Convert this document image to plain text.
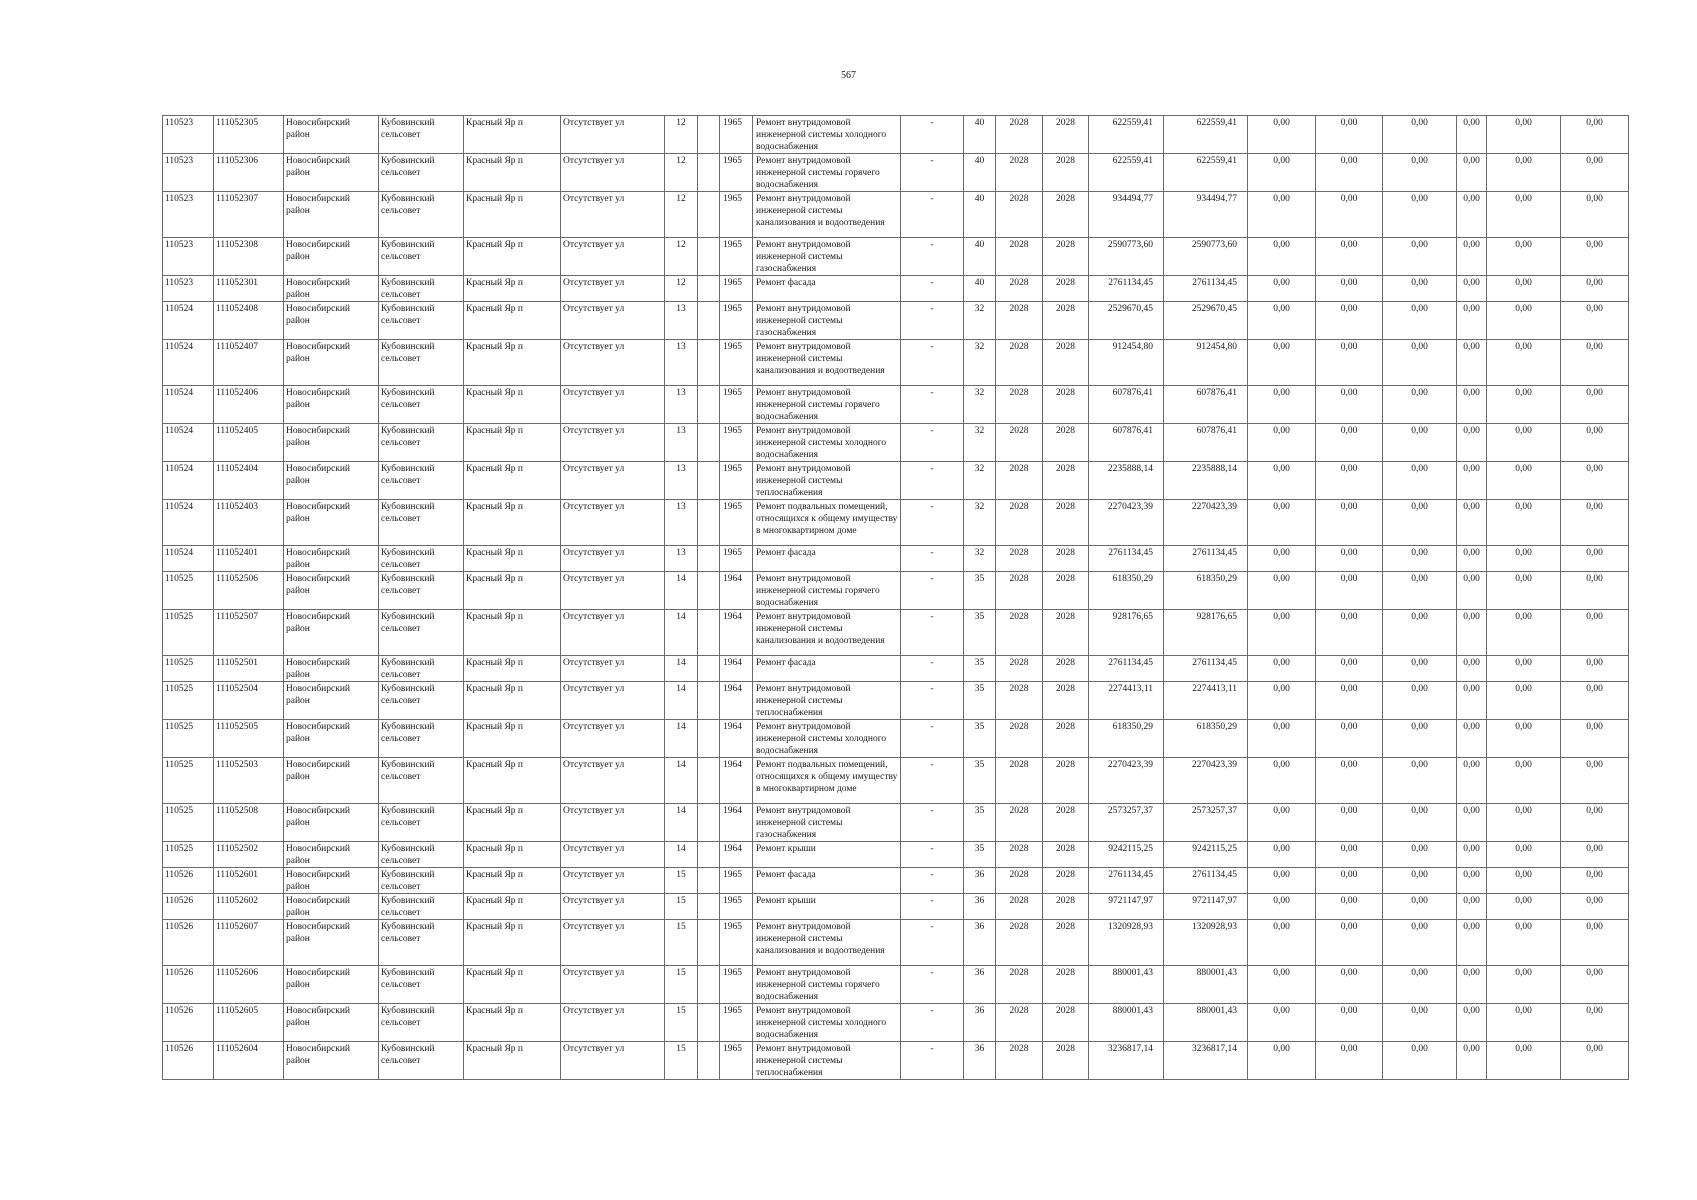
567
110523	111052305	Новосибирский район	Кубовинский сельсовет	Красный Яр п	Отсутствует ул	12		1965	Ремонт внутридомовой инженерной системы холодного водоснабжения	-	40	2028	2028	622559,41	622559,41	0,00	0,00	0,00	0,00	0,00	0,00
110523	111052306	Новосибирский район	Кубовинский сельсовет	Красный Яр п	Отсутствует ул	12		1965	Ремонт внутридомовой инженерной системы горячего водоснабжения	-	40	2028	2028	622559,41	622559,41	0,00	0,00	0,00	0,00	0,00	0,00
110523	111052307	Новосибирский район	Кубовинский сельсовет	Красный Яр п	Отсутствует ул	12		1965	Ремонт внутридомовой инженерной системы канализования и водоотведения	-	40	2028	2028	934494,77	934494,77	0,00	0,00	0,00	0,00	0,00	0,00
110523	111052308	Новосибирский район	Кубовинский сельсовет	Красный Яр п	Отсутствует ул	12		1965	Ремонт внутридомовой инженерной системы газоснабжения	-	40	2028	2028	2590773,60	2590773,60	0,00	0,00	0,00	0,00	0,00	0,00
110523	111052301	Новосибирский район	Кубовинский сельсовет	Красный Яр п	Отсутствует ул	12		1965	Ремонт фасада	-	40	2028	2028	2761134,45	2761134,45	0,00	0,00	0,00	0,00	0,00	0,00
110524	111052408	Новосибирский район	Кубовинский сельсовет	Красный Яр п	Отсутствует ул	13		1965	Ремонт внутридомовой инженерной системы газоснабжения	-	32	2028	2028	2529670,45	2529670,45	0,00	0,00	0,00	0,00	0,00	0,00
110524	111052407	Новосибирский район	Кубовинский сельсовет	Красный Яр п	Отсутствует ул	13		1965	Ремонт внутридомовой инженерной системы канализования и водоотведения	-	32	2028	2028	912454,80	912454,80	0,00	0,00	0,00	0,00	0,00	0,00
110524	111052406	Новосибирский район	Кубовинский сельсовет	Красный Яр п	Отсутствует ул	13		1965	Ремонт внутридомовой инженерной системы горячего водоснабжения	-	32	2028	2028	607876,41	607876,41	0,00	0,00	0,00	0,00	0,00	0,00
110524	111052405	Новосибирский район	Кубовинский сельсовет	Красный Яр п	Отсутствует ул	13		1965	Ремонт внутридомовой инженерной системы холодного водоснабжения	-	32	2028	2028	607876,41	607876,41	0,00	0,00	0,00	0,00	0,00	0,00
110524	111052404	Новосибирский район	Кубовинский сельсовет	Красный Яр п	Отсутствует ул	13		1965	Ремонт внутридомовой инженерной системы теплоснабжения	-	32	2028	2028	2235888,14	2235888,14	0,00	0,00	0,00	0,00	0,00	0,00
110524	111052403	Новосибирский район	Кубовинский сельсовет	Красный Яр п	Отсутствует ул	13		1965	Ремонт подвальных помещений, относящихся к общему имуществу в многоквартирном доме	-	32	2028	2028	2270423,39	2270423,39	0,00	0,00	0,00	0,00	0,00	0,00
110524	111052401	Новосибирский район	Кубовинский сельсовет	Красный Яр п	Отсутствует ул	13		1965	Ремонт фасада	-	32	2028	2028	2761134,45	2761134,45	0,00	0,00	0,00	0,00	0,00	0,00
110525	111052506	Новосибирский район	Кубовинский сельсовет	Красный Яр п	Отсутствует ул	14		1964	Ремонт внутридомовой инженерной системы горячего водоснабжения	-	35	2028	2028	618350,29	618350,29	0,00	0,00	0,00	0,00	0,00	0,00
110525	111052507	Новосибирский район	Кубовинский сельсовет	Красный Яр п	Отсутствует ул	14		1964	Ремонт внутридомовой инженерной системы канализования и водоотведения	-	35	2028	2028	928176,65	928176,65	0,00	0,00	0,00	0,00	0,00	0,00
110525	111052501	Новосибирский район	Кубовинский сельсовет	Красный Яр п	Отсутствует ул	14		1964	Ремонт фасада	-	35	2028	2028	2761134,45	2761134,45	0,00	0,00	0,00	0,00	0,00	0,00
110525	111052504	Новосибирский район	Кубовинский сельсовет	Красный Яр п	Отсутствует ул	14		1964	Ремонт внутридомовой инженерной системы теплоснабжения	-	35	2028	2028	2274413,11	2274413,11	0,00	0,00	0,00	0,00	0,00	0,00
110525	111052505	Новосибирский район	Кубовинский сельсовет	Красный Яр п	Отсутствует ул	14		1964	Ремонт внутридомовой инженерной системы холодного водоснабжения	-	35	2028	2028	618350,29	618350,29	0,00	0,00	0,00	0,00	0,00	0,00
110525	111052503	Новосибирский район	Кубовинский сельсовет	Красный Яр п	Отсутствует ул	14		1964	Ремонт подвальных помещений, относящихся к общему имуществу в многоквартирном доме	-	35	2028	2028	2270423,39	2270423,39	0,00	0,00	0,00	0,00	0,00	0,00
110525	111052508	Новосибирский район	Кубовинский сельсовет	Красный Яр п	Отсутствует ул	14		1964	Ремонт внутридомовой инженерной системы газоснабжения	-	35	2028	2028	2573257,37	2573257,37	0,00	0,00	0,00	0,00	0,00	0,00
110525	111052502	Новосибирский район	Кубовинский сельсовет	Красный Яр п	Отсутствует ул	14		1964	Ремонт крыши	-	35	2028	2028	9242115,25	9242115,25	0,00	0,00	0,00	0,00	0,00	0,00
110526	111052601	Новосибирский район	Кубовинский сельсовет	Красный Яр п	Отсутствует ул	15		1965	Ремонт фасада	-	36	2028	2028	2761134,45	2761134,45	0,00	0,00	0,00	0,00	0,00	0,00
110526	111052602	Новосибирский район	Кубовинский сельсовет	Красный Яр п	Отсутствует ул	15		1965	Ремонт крыши	-	36	2028	2028	9721147,97	9721147,97	0,00	0,00	0,00	0,00	0,00	0,00
110526	111052607	Новосибирский район	Кубовинский сельсовет	Красный Яр п	Отсутствует ул	15		1965	Ремонт внутридомовой инженерной системы канализования и водоотведения	-	36	2028	2028	1320928,93	1320928,93	0,00	0,00	0,00	0,00	0,00	0,00
110526	111052606	Новосибирский район	Кубовинский сельсовет	Красный Яр п	Отсутствует ул	15		1965	Ремонт внутридомовой инженерной системы горячего водоснабжения	-	36	2028	2028	880001,43	880001,43	0,00	0,00	0,00	0,00	0,00	0,00
110526	111052605	Новосибирский район	Кубовинский сельсовет	Красный Яр п	Отсутствует ул	15		1965	Ремонт внутридомовой инженерной системы холодного водоснабжения	-	36	2028	2028	880001,43	880001,43	0,00	0,00	0,00	0,00	0,00	0,00
110526	111052604	Новосибирский район	Кубовинский сельсовет	Красный Яр п	Отсутствует ул	15		1965	Ремонт внутридомовой инженерной системы теплоснабжения	-	36	2028	2028	3236817,14	3236817,14	0,00	0,00	0,00	0,00	0,00	0,00
